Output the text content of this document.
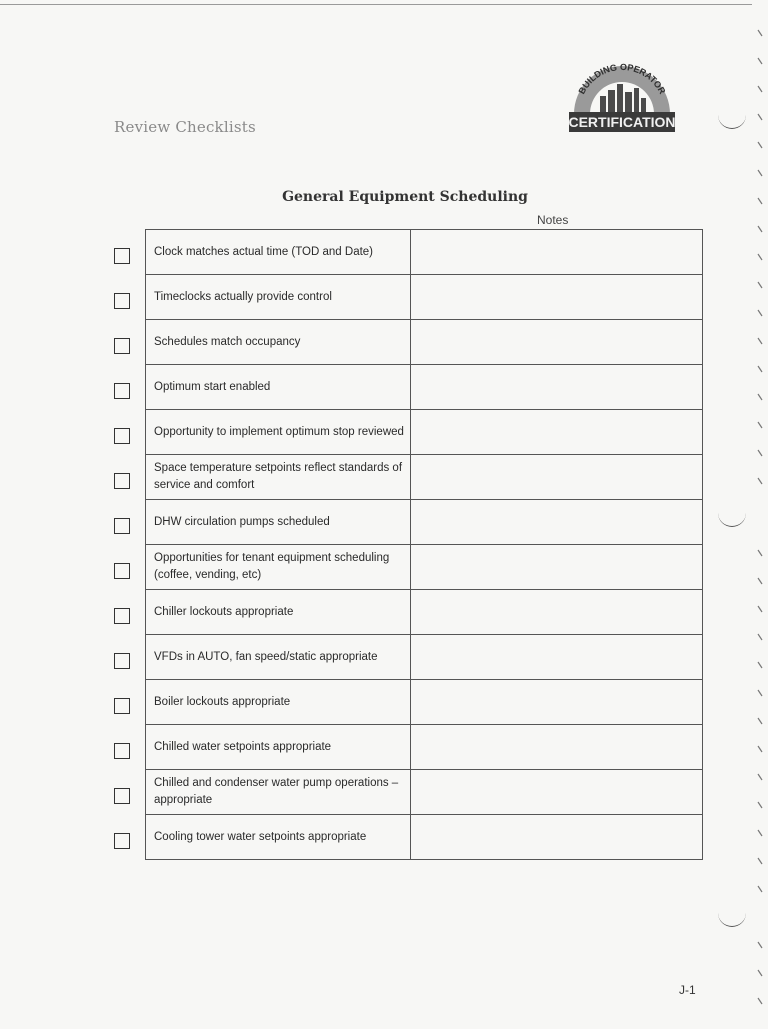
Review Checklists
BUILDING OPERATOR
CERTIFICATION
General Equipment Scheduling
Notes
Clock matches actual time (TOD and Date)	
Timeclocks actually provide control	
Schedules match occupancy	
Optimum start enabled	
Opportunity to implement optimum stop reviewed	
Space temperature setpoints reflect standards of service and comfort	
DHW circulation pumps scheduled	
Opportunities for tenant equipment scheduling (coffee, vending, etc)	
Chiller lockouts appropriate	
VFDs in AUTO, fan speed/static appropriate	
Boiler lockouts appropriate	
Chilled water setpoints appropriate	
Chilled and condenser water pump operations – appropriate	
Cooling tower water setpoints appropriate	
J-1
